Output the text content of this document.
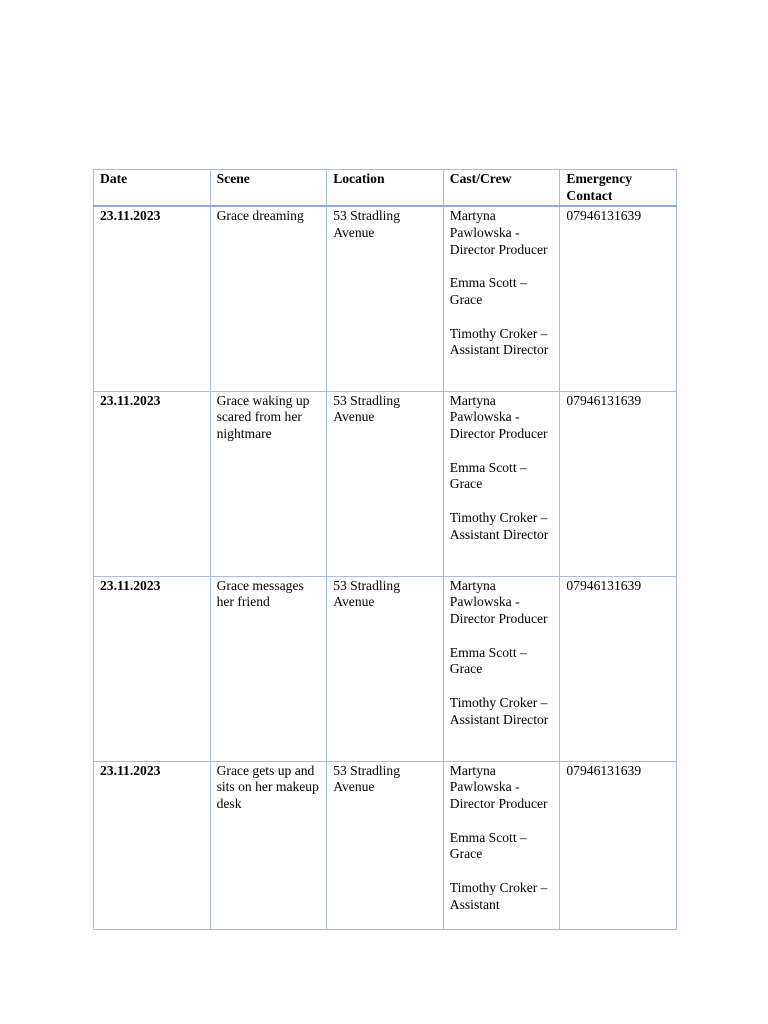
Date	Scene	Location	Cast/Crew	Emergency Contact
23.11.2023	Grace dreaming	53 Stradling Avenue	Martyna Pawlowska - Director Producer
Emma Scott – Grace
Timothy Croker – Assistant Director	07946131639
23.11.2023	Grace waking up scared from her nightmare	53 Stradling Avenue	Martyna Pawlowska - Director Producer
Emma Scott – Grace
Timothy Croker – Assistant Director	07946131639
23.11.2023	Grace messages her friend	53 Stradling Avenue	Martyna Pawlowska - Director Producer
Emma Scott – Grace
Timothy Croker – Assistant Director	07946131639
23.11.2023	Grace gets up and sits on her makeup desk	53 Stradling Avenue	Martyna Pawlowska - Director Producer
Emma Scott – Grace
Timothy Croker – Assistant	07946131639
